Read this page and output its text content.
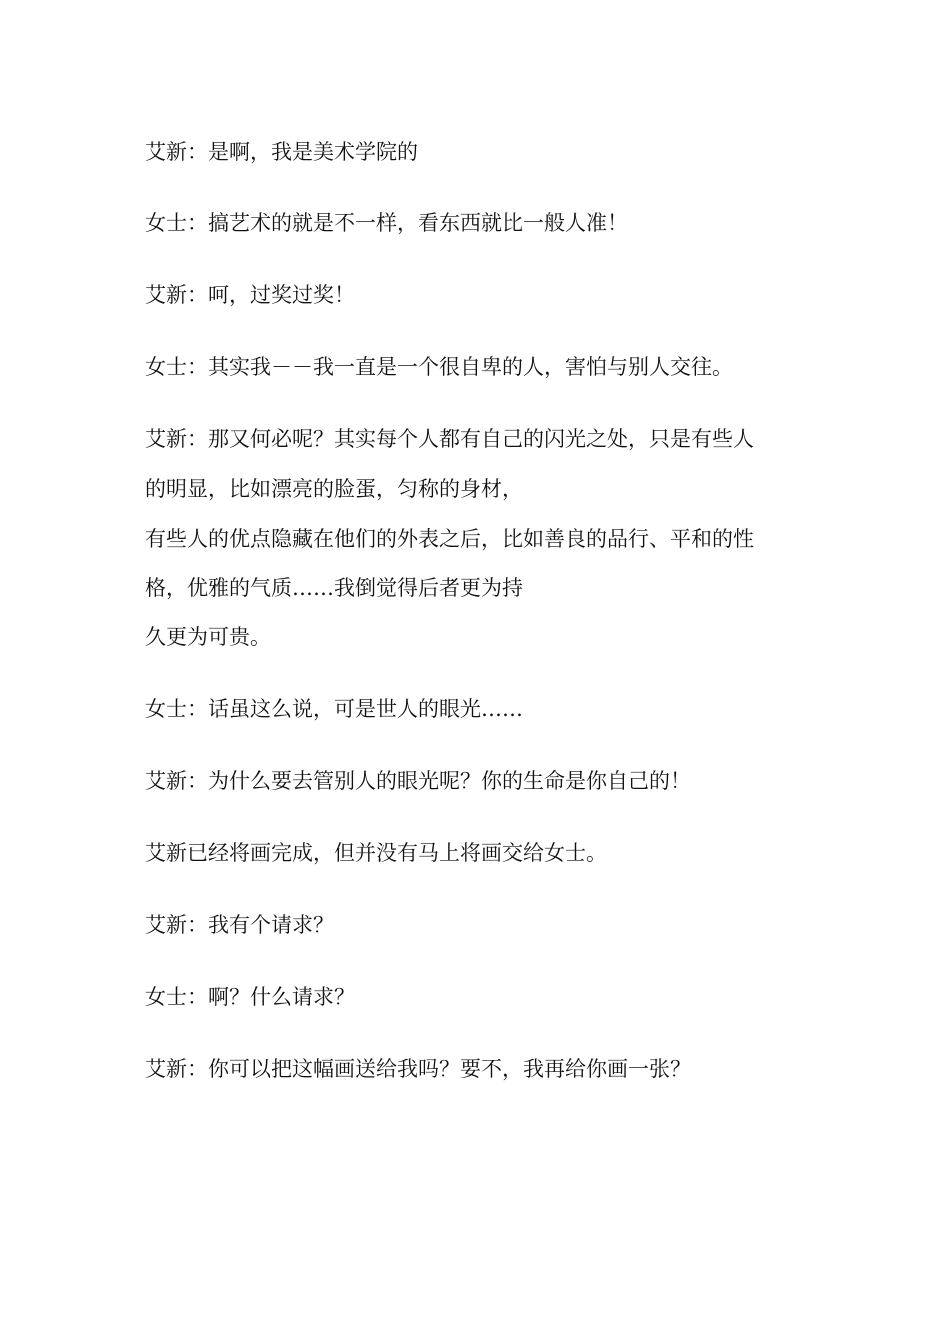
艾新：是啊，我是美术学院的
女士：搞艺术的就是不一样，看东西就比一般人准！
艾新：呵，过奖过奖！
女士：其实我－－我一直是一个很自卑的人，害怕与别人交往。
艾新：那又何必呢？其实每个人都有自己的闪光之处，只是有些人
的明显，比如漂亮的脸蛋，匀称的身材，
有些人的优点隐藏在他们的外表之后，比如善良的品行、平和的性
格，优雅的气质……我倒觉得后者更为持
久更为可贵。
女士：话虽这么说，可是世人的眼光……
艾新：为什么要去管别人的眼光呢？你的生命是你自己的！
艾新已经将画完成，但并没有马上将画交给女士。
艾新：我有个请求？
女士：啊？什么请求？
艾新：你可以把这幅画送给我吗？要不，我再给你画一张？
